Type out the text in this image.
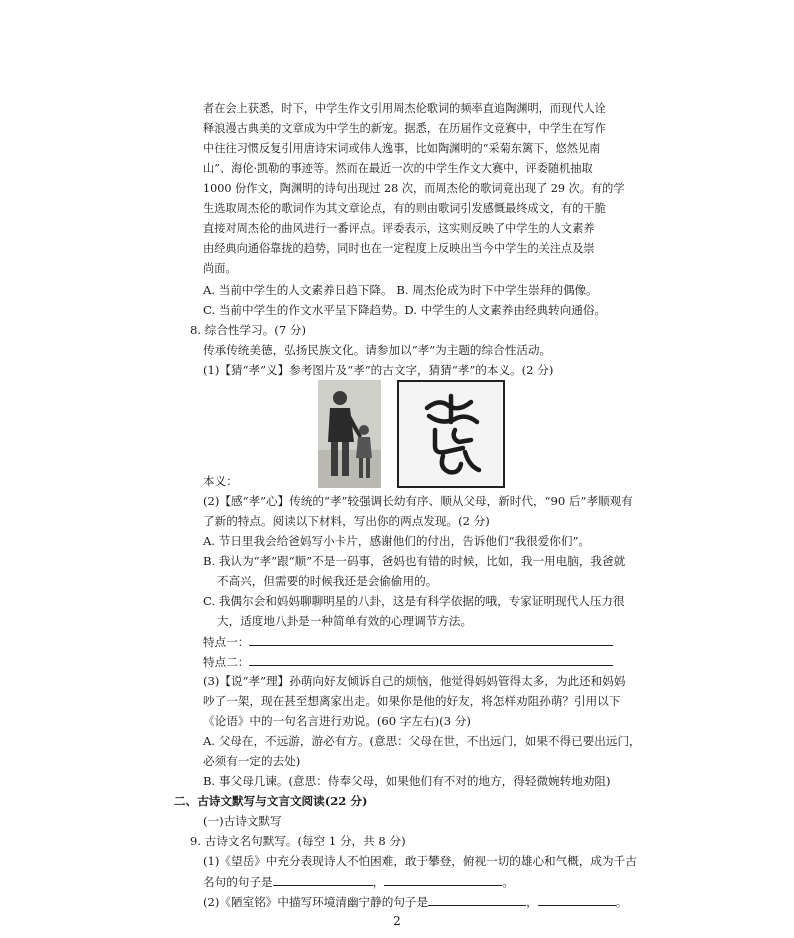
者在会上获悉，时下，中学生作文引用周杰伦歌词的频率直追陶渊明，而现代人诠
释浪漫古典美的文章成为中学生的新宠。据悉，在历届作文竞赛中，中学生在写作
中往往习惯反复引用唐诗宋词或伟人逸事，比如陶渊明的“采菊东篱下，悠然见南
山”、海伦·凯勒的事迹等。然而在最近一次的中学生作文大赛中，评委随机抽取
1000 份作文，陶渊明的诗句出现过 28 次，而周杰伦的歌词竟出现了 29 次。有的学
生选取周杰伦的歌词作为其文章论点，有的则由歌词引发感慨最终成文，有的干脆
直接对周杰伦的曲风进行一番评点。评委表示，这实则反映了中学生的人文素养
由经典向通俗靠拢的趋势，同时也在一定程度上反映出当今中学生的关注点及崇
尚面。
A. 当前中学生的人文素养日趋下降。 B. 周杰伦成为时下中学生崇拜的偶像。
C. 当前中学生的作文水平呈下降趋势。D. 中学生的人文素养由经典转向通俗。
8. 综合性学习。(7 分)
传承传统美德，弘扬民族文化。请参加以“孝”为主题的综合性活动。
(1)【猜“孝”义】参考图片及“孝”的古文字，猜猜“孝”的本义。(2 分)
本义：
(2)【感“孝”心】传统的“孝”较强调长幼有序、顺从父母，新时代，“90 后”孝顺观有
了新的特点。阅读以下材料，写出你的两点发现。(2 分)
A. 节日里我会给爸妈写小卡片，感谢他们的付出，告诉他们“我很爱你们”。
B. 我认为“孝”跟“顺”不是一码事，爸妈也有错的时候，比如，我一用电脑，我爸就
不高兴，但需要的时候我还是会偷偷用的。
C. 我偶尔会和妈妈聊聊明星的八卦，这是有科学依据的哦，专家证明现代人压力很
大，适度地八卦是一种简单有效的心理调节方法。
特点一：
特点二：
(3)【说“孝”理】孙萌向好友倾诉自己的烦恼，他觉得妈妈管得太多，为此还和妈妈
吵了一架，现在甚至想离家出走。如果你是他的好友，将怎样劝阻孙萌？引用以下
《论语》中的一句名言进行劝说。(60 字左右)(3 分)
A. 父母在，不远游，游必有方。(意思：父母在世，不出远门，如果不得已要出远门，
必须有一定的去处)
B. 事父母几谏。(意思：侍奉父母，如果他们有不对的地方，得轻微婉转地劝阻)
二、古诗文默写与文言文阅读(22 分)
(一)古诗文默写
9. 古诗文名句默写。(每空 1 分，共 8 分)
(1)《望岳》中充分表现诗人不怕困难，敢于攀登，俯视一切的雄心和气概，成为千古
名句的句子是	，	。
(2)《陋室铭》中描写环境清幽宁静的句子是	，	。
2
